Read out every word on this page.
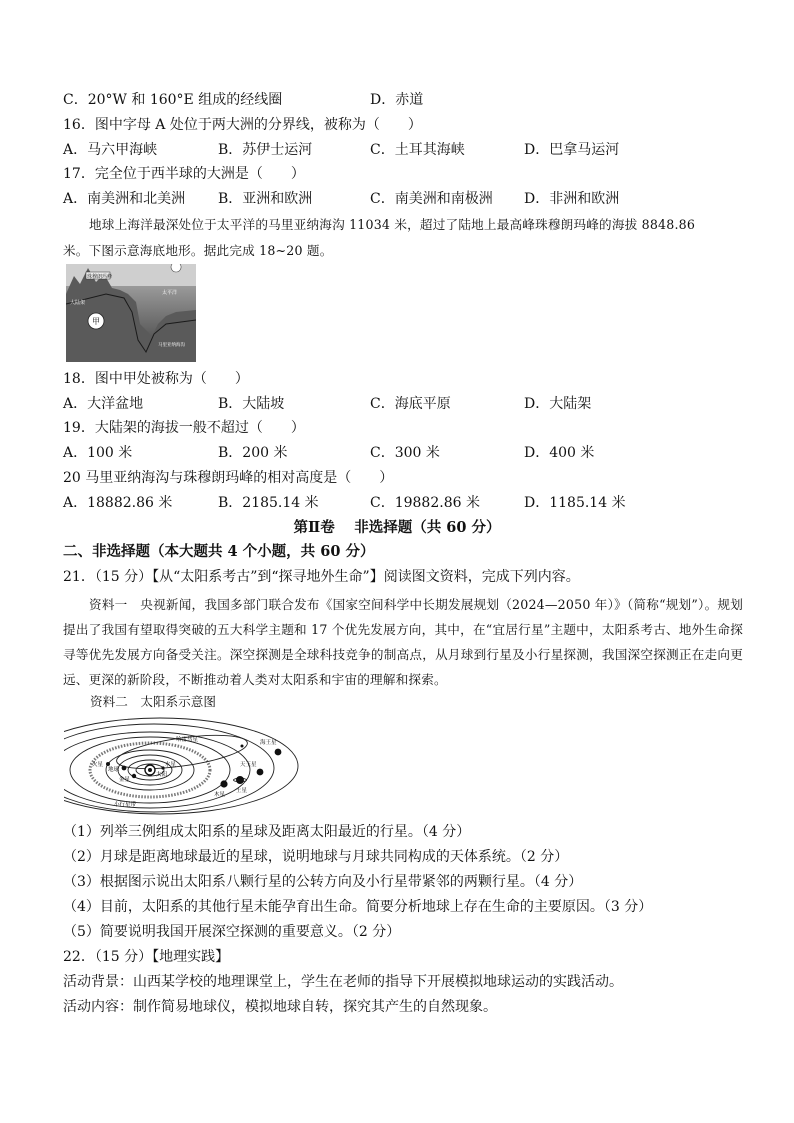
C．20°W 和 160°E 组成的经线圈	D．赤道
16．图中字母 A 处位于两大洲的分界线，被称为（　　）
A．马六甲海峡	B．苏伊士运河	C．土耳其海峡	D．巴拿马运河
17．完全位于西半球的大洲是（　　）
A．南美洲和北美洲 B．亚洲和欧洲	C．南美洲和南极洲 D．非洲和欧洲
地球上海洋最深处位于太平洋的马里亚纳海沟 11034 米，超过了陆地上最高峰珠穆朗玛峰的海拔 8848.86
米。下图示意海底地形。据此完成 18~20 题。
珠穆朗玛峰
甲
大陆架
太平洋
马里亚纳海沟
18．图中甲处被称为（　　）
A．大洋盆地	B．大陆坡	C．海底平原	D．大陆架
19．大陆架的海拔一般不超过（　　）
A．100 米	B．200 米	C．300 米	D．400 米
20 马里亚纳海沟与珠穆朗玛峰的相对高度是（　　）
A．18882.86 米	B．2185.14 米	C．19882.86 米	D．1185.14 米
第Ⅱ卷　 非选择题（共 60 分）
二、非选择题（本大题共 4 个小题，共 60 分）
21．（15 分）【从“太阳系考古”到“探寻地外生命”】阅读图文资料，完成下列内容。
资料一　央视新闻，我国多部门联合发布《国家空间科学中长期发展规划（2024—2050 年）》（简称“规划”）。规划提出了我国有望取得突破的五大科学主题和 17 个优先发展方向，其中，在“宜居行星”主题中，太阳系考古、地外生命探寻等优先发展方向备受关注。深空探测是全球科技竞争的制高点，从月球到行星及小行星探测，我国深空探测正在走向更远、更深的新阶段，不断推动着人类对太阳系和宇宙的理解和探索。
资料二　太阳系示意图
太阳
水星
金星
地球
火星
小行星带
木星
土星
天王星
海王星
哈雷彗星
（1）列举三例组成太阳系的星球及距离太阳最近的行星。（4 分）
（2）月球是距离地球最近的星球，说明地球与月球共同构成的天体系统。（2 分）
（3）根据图示说出太阳系八颗行星的公转方向及小行星带紧邻的两颗行星。（4 分）
（4）目前，太阳系的其他行星未能孕育出生命。简要分析地球上存在生命的主要原因。（3 分）
（5）简要说明我国开展深空探测的重要意义。（2 分）
22．（15 分）【地理实践】
活动背景：山西某学校的地理课堂上，学生在老师的指导下开展模拟地球运动的实践活动。
活动内容：制作简易地球仪，模拟地球自转，探究其产生的自然现象。
